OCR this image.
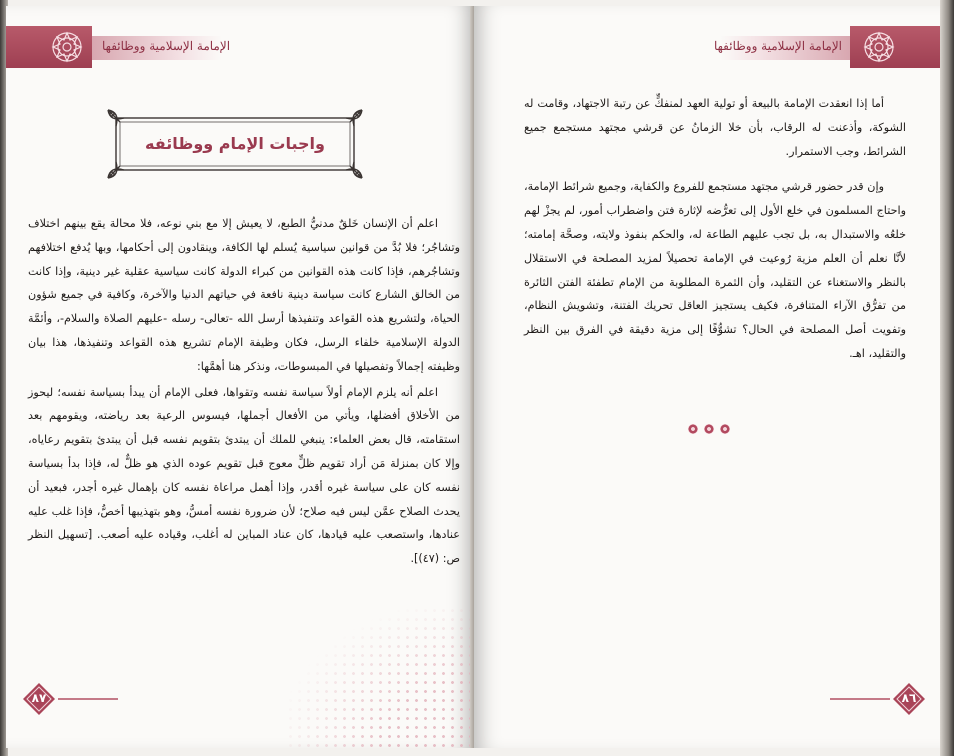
الإمامة الإسلامية ووظائفها
واجبات الإمام ووظائفه

اعلم أن الإنسان خَلقٌ مدنيُّ الطبع، لا يعيش إلا مع بني نوعه، فلا محالة يقع بينهم اختلاف وتشاجُر؛ فلا بُدَّ من قوانين سياسية يُسلم لها الكافة، وينقادون إلى أحكامها، وبها يُدفع اختلافهم وتشاجُرهم، فإذا كانت هذه القوانين من كبراء الدولة كانت سياسية عقلية غير دينية، وإذا كانت من الخالق الشارع كانت سياسة دينية نافعة في حياتهم الدنيا والآخرة، وكافية في جميع شؤون الحياة، ولتشريع هذه القواعد وتنفيذها أرسل الله -تعالى- رسله -عليهم الصلاة والسلام-، وأئمَّة الدولة الإسلامية خلفاء الرسل، فكان وظيفة الإمام تشريع هذه القواعد وتنفيذها، هذا بيان وظيفته إجمالاً وتفصيلها في المبسوطات، ونذكر هنا أهمَّها:

اعلم أنه يلزم الإمام أولاً سياسة نفسه وتقواها، فعلى الإمام أن يبدأ بسياسة نفسه؛ ليحوز من الأخلاق أفضلها، ويأتي من الأفعال أجملها، فيسوس الرعية بعد رياضته، ويقومهم بعد استقامته، قال بعض العلماء: ينبغي للملك أن يبتدئ بتقويم نفسه قبل أن يبتدئ بتقويم رعاياه، وإلا كان بمنزلة مَن أراد تقويم ظلٍّ معوج قبل تقويم عوده الذي هو ظلٌّ له، فإذا بدأ بسياسة نفسه كان على سياسة غيره أقدر، وإذا أهمل مراعاة نفسه كان بإهمال غيره أجدر، فبعيد أن يحدث الصلاح عمَّن ليس فيه صلاح؛ لأن ضرورة نفسه أمسُّ، وهو بتهذيبها أخصُّ، فإذا غلب عليه عنادها، واستصعب عليه قيادها، كان عناد المباين له أغلب، وقياده عليه أصعب. [تسهيل النظر ص: (٤٧)].

٨٧
الإمامة الإسلامية ووظائفها

أما إذا انعقدت الإمامة بالبيعة أو تولية العهد لمنفكٍّ عن رتبة الاجتهاد، وقامت له الشوكة، وأذعنت له الرقاب، بأن خلا الزمانُ عن قرشي مجتهد مستجمع جميع الشرائط، وجب الاستمرار.

وإن قدر حضور قرشي مجتهد مستجمع للفروع والكفاية، وجميع شرائط الإمامة، واحتاج المسلمون في خلع الأول إلى تعرُّضه لإثارة فتن واضطراب أمور، لم يجزْ لهم خلعُه والاستبدال به، بل تجب عليهم الطاعة له، والحكم بنفوذ ولايته، وصحَّة إمامته؛ لأنَّا نعلم أن العلم مزية رُوعيت في الإمامة تحصيلاً لمزيد المصلحة في الاستقلال بالنظر والاستغناء عن التقليد، وأن الثمرة المطلوبة من الإمام تطفئة الفتن الثائرة من تفرُّق الآراء المتنافرة، فكيف يستجيز العاقل تحريك الفتنة، وتشويش النظام، وتفويت أصل المصلحة في الحال؟ تشوُّفًا إلى مزية دقيقة في الفرق بين النظر والتقليد، اهـ.

٨٦
